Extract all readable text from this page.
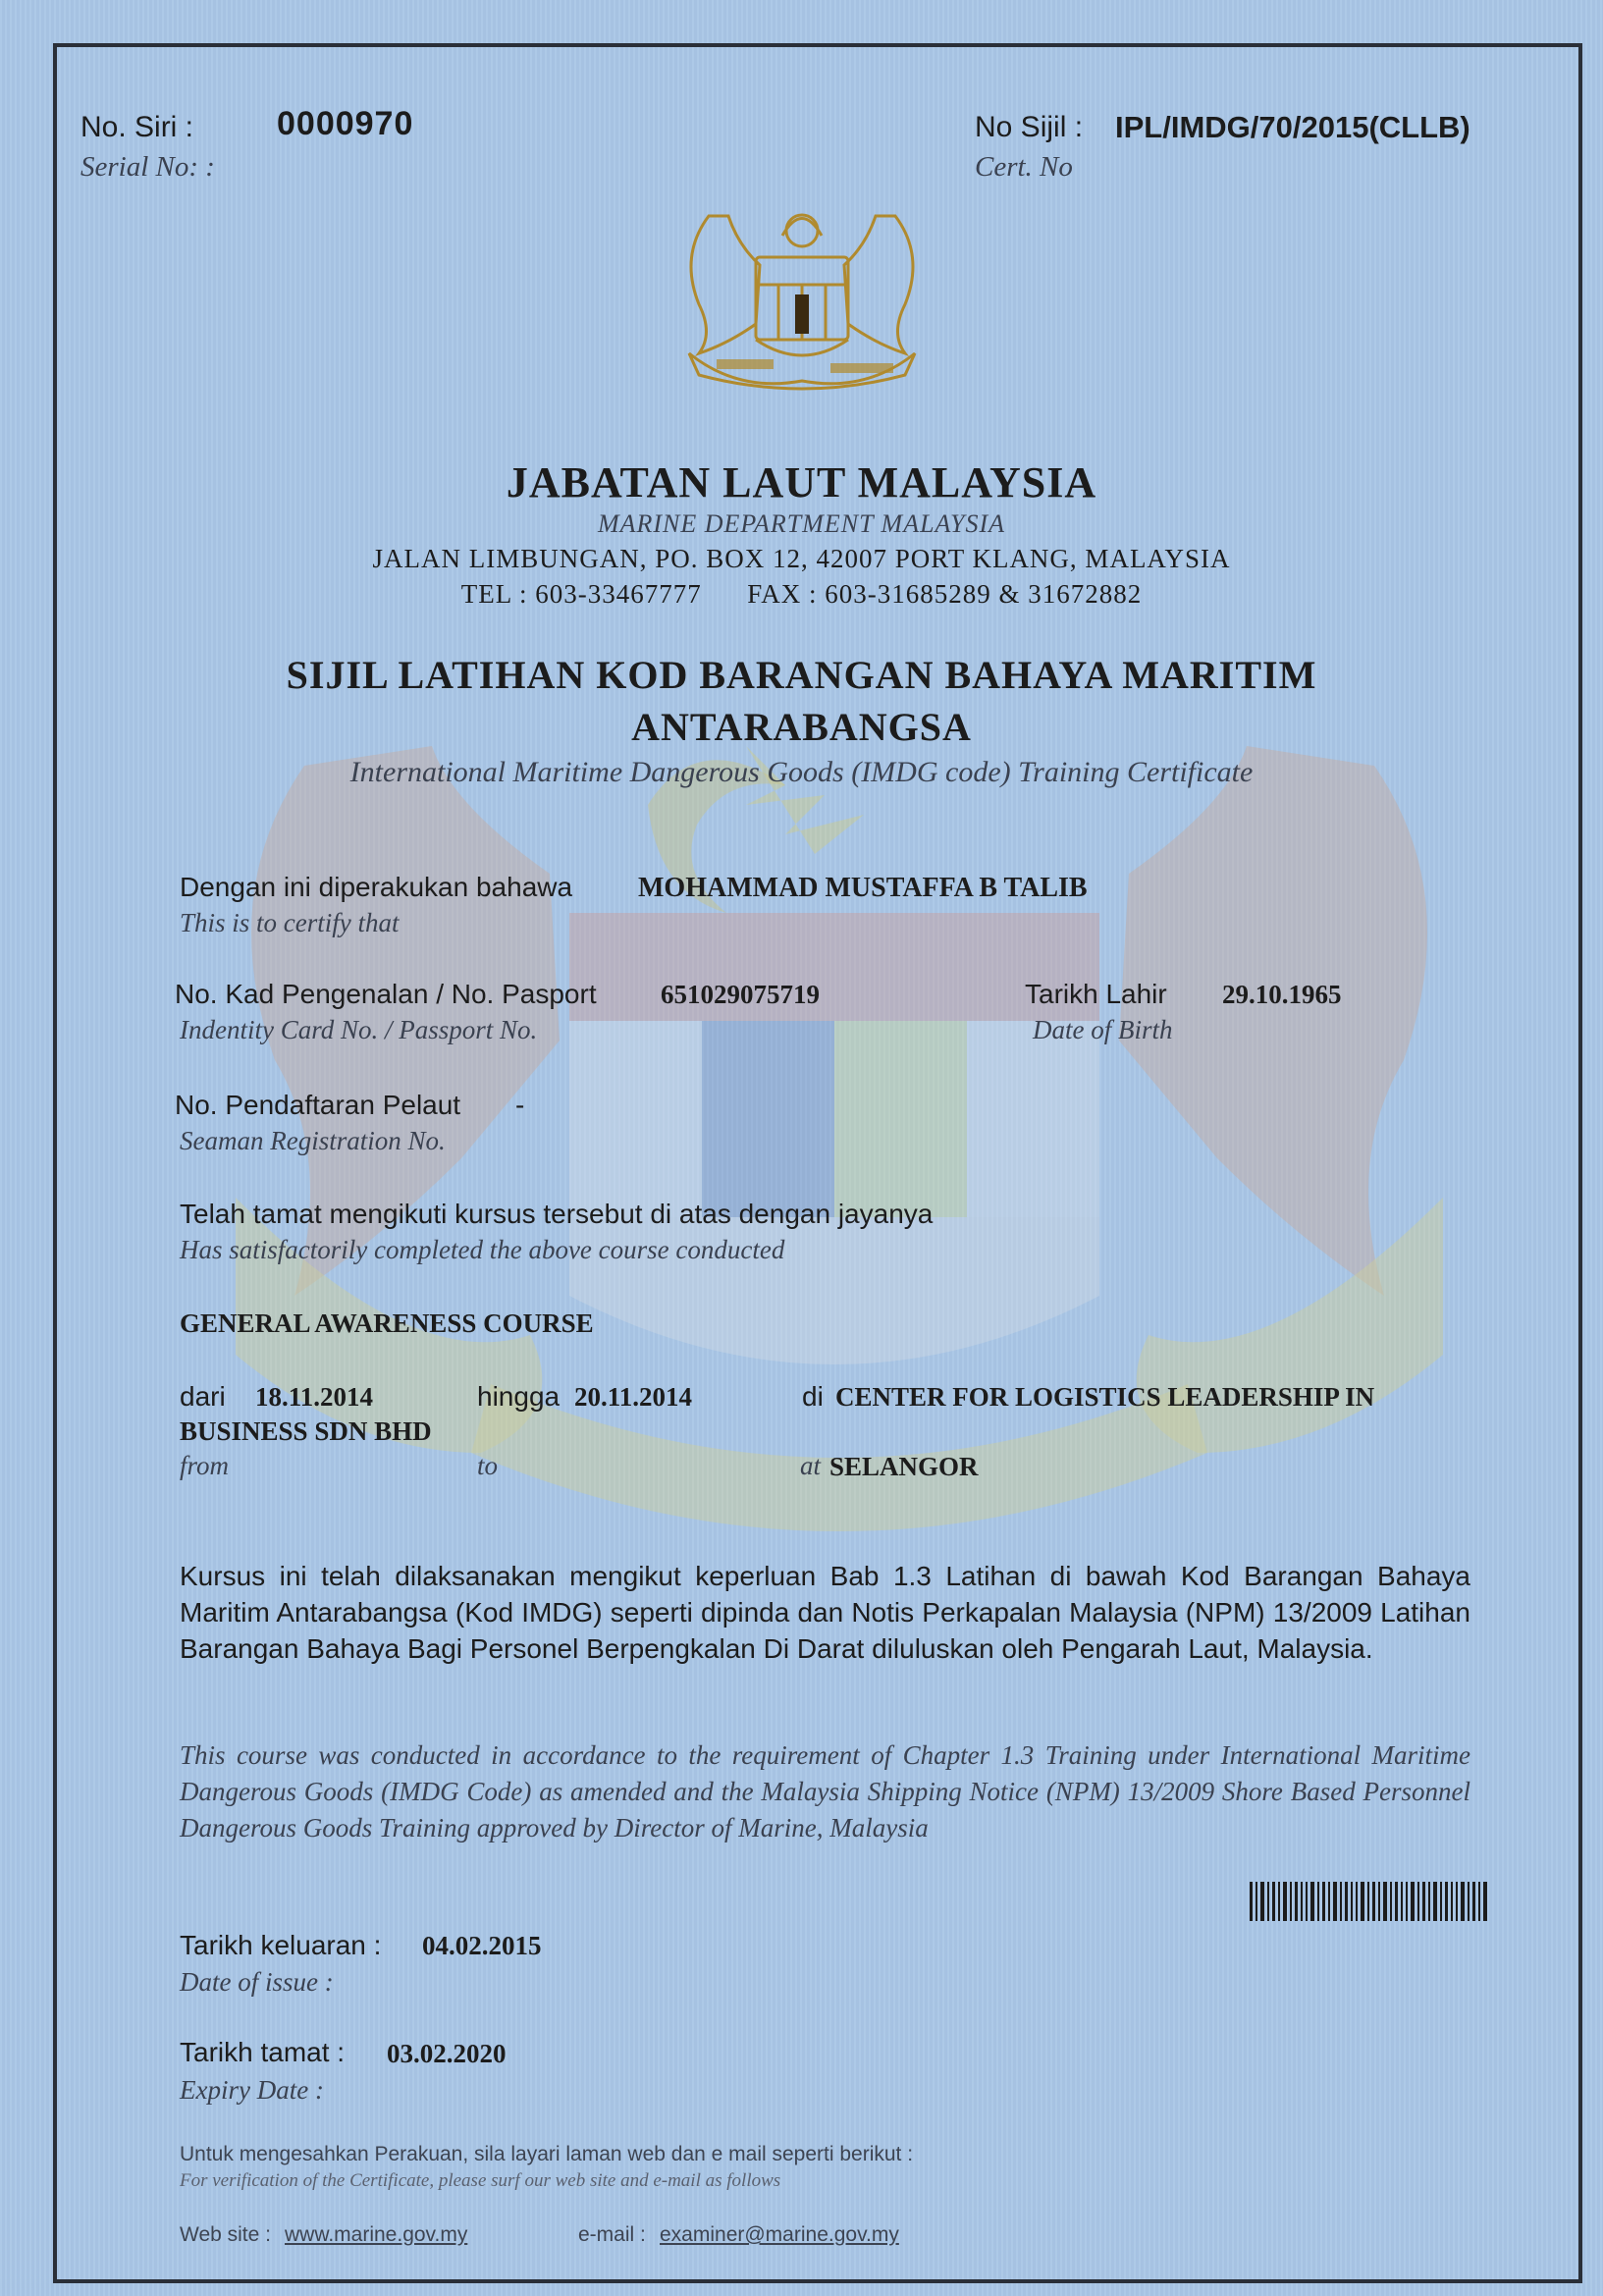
No. Siri : 0000970
Serial No: :
No Sijil : IPL/IMDG/70/2015(CLLB)
Cert. No
JABATAN LAUT MALAYSIA
MARINE DEPARTMENT MALAYSIA
JALAN LIMBUNGAN, PO. BOX 12, 42007 PORT KLANG, MALAYSIA
TEL : 603-33467777      FAX : 603-31685289 & 31672882
SIJIL LATIHAN KOD BARANGAN BAHAYA MARITIM
ANTARABANGSA
International Maritime Dangerous Goods (IMDG code) Training Certificate
Dengan ini diperakukan bahawa MOHAMMAD MUSTAFFA B TALIB
This is to certify that
No. Kad Pengenalan / No. Pasport 651029075719
Indentity Card No. / Passport No.
Tarikh Lahir 29.10.1965
Date of Birth
No. Pendaftaran Pelaut -
Seaman Registration No.
Telah tamat mengikuti kursus tersebut di atas dengan jayanya
Has satisfactorily completed the above course conducted
GENERAL AWARENESS COURSE
dari 18.11.2014	hingga 20.11.2014	di CENTER FOR LOGISTICS LEADERSHIP IN
BUSINESS SDN BHD
from	to	at SELANGOR
Kursus ini telah dilaksanakan mengikut keperluan Bab 1.3 Latihan di bawah Kod Barangan Bahaya Maritim Antarabangsa (Kod IMDG) seperti dipinda dan Notis Perkapalan Malaysia (NPM) 13/2009 Latihan Barangan Bahaya Bagi Personel Berpengkalan Di Darat diluluskan oleh Pengarah Laut, Malaysia.
This course was conducted in accordance to the requirement of Chapter 1.3 Training under International Maritime Dangerous Goods (IMDG Code) as amended and the Malaysia Shipping Notice (NPM) 13/2009 Shore Based Personnel Dangerous Goods Training approved by Director of Marine, Malaysia
Tarikh keluaran : 04.02.2015
Date of issue :
Tarikh tamat : 03.02.2020
Expiry Date :
Untuk mengesahkan Perakuan, sila layari laman web dan e mail seperti berikut :
For verification of the Certificate, please surf our web site and e-mail as follows
Web site : www.marine.gov.my	e-mail : examiner@marine.gov.my
